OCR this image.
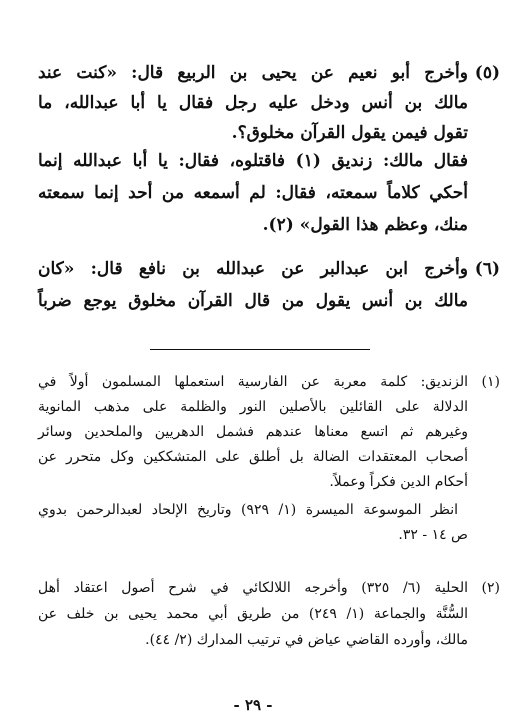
(٥)
وأخرج أبو نعيم عن يحيى بن الربيع قال: «كنت عند
مالك بن أنس ودخل عليه رجل فقال يا أبا عبدالله، ما
تقول فيمن يقول القرآن مخلوق؟.
فقال مالك: زنديق (١) فاقتلوه، فقال: يا أبا عبدالله إنما
أحكي كلاماً سمعته، فقال: لم أسمعه من أحد إنما سمعته
منك، وعظم هذا القول» (٢).
(٦)
وأخرج ابن عبدالبر عن عبدالله بن نافع قال: «كان
مالك بن أنس يقول من قال القرآن مخلوق يوجع ضرباً
(١)
الزنديق: كلمة معربة عن الفارسية استعملها المسلمون أولاً في
الدلالة على القائلين بالأصلين النور والظلمة على مذهب المانوية
وغيرهم ثم اتسع معناها عندهم فشمل الدهريين والملحدين وسائر
أصحاب المعتقدات الضالة بل أطلق على المتشككين وكل متحرر عن
أحكام الدين فكراً وعملاً.
انظر الموسوعة الميسرة (١/ ٩٢٩) وتاريخ الإلحاد لعبدالرحمن بدوي
ص ١٤ - ٣٢.
(٢)
الحلية (٦/ ٣٢٥) وأخرجه اللالكائي في شرح أصول اعتقاد أهل
السُّنَّة والجماعة (١/ ٢٤٩) من طريق أبي محمد يحيى بن خلف عن
مالك، وأورده القاضي عياض في ترتيب المدارك (٢/ ٤٤).
- ٢٩ -
